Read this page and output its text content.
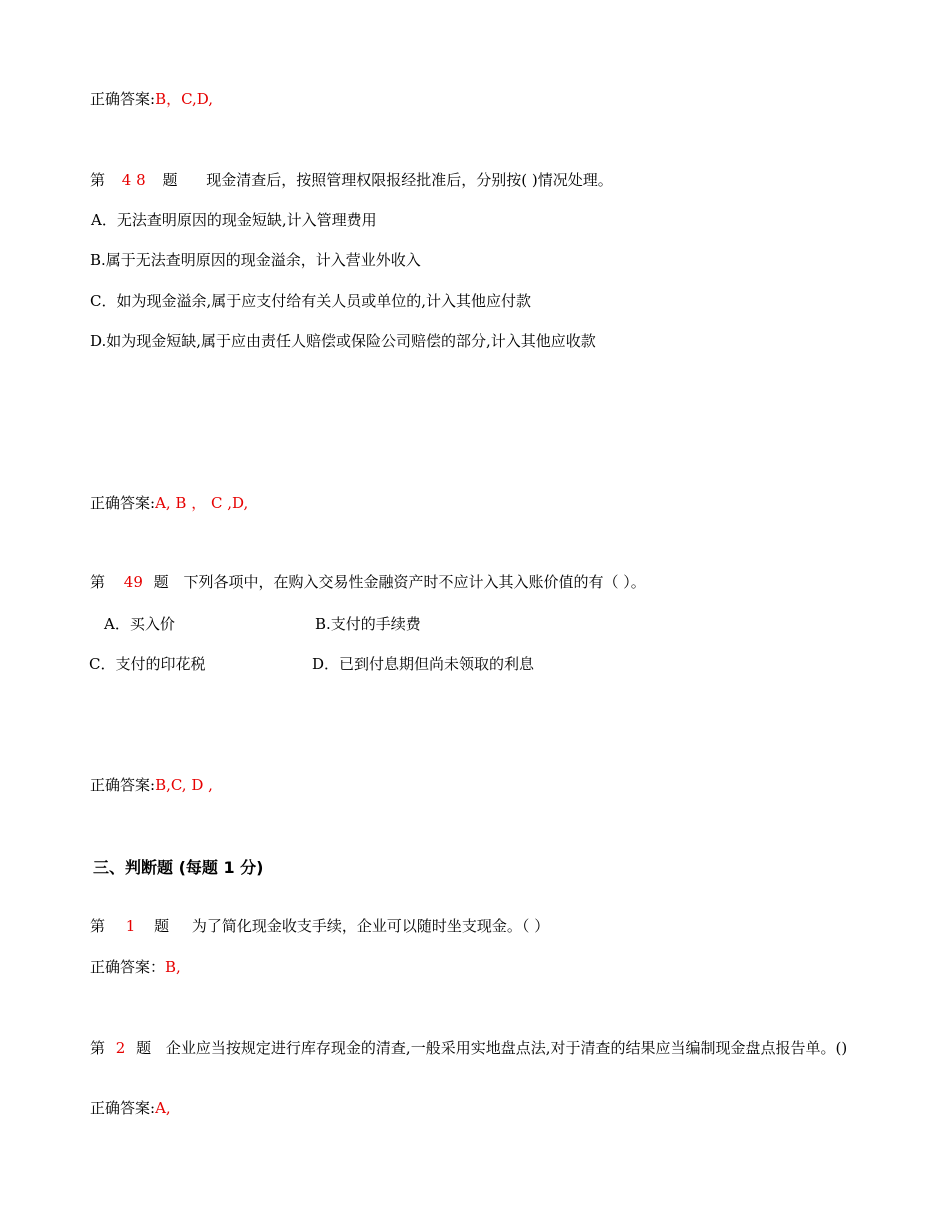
正确答案:B，C,D,
第 4 8 题 现金清查后，按照管理权限报经批准后，分别按( )情况处理。
A．无法查明原因的现金短缺,计入管理费用
B.属于无法查明原因的现金溢余，计入营业外收入
C．如为现金溢余,属于应支付给有关人员或单位的,计入其他应付款
D.如为现金短缺,属于应由责任人赔偿或保险公司赔偿的部分,计入其他应收款
正确答案:A, B ， C ,D,
第 49 题 下列各项中，在购入交易性金融资产时不应计入其入账价值的有（ ）。
A．买入价	B.支付的手续费
C．支付的印花税	D．已到付息期但尚未领取的利息
正确答案:B,C, D ,
三、判断题 (每题 1 分)
第 1 题 为了简化现金收支手续，企业可以随时坐支现金。（ ）
正确答案：B,
第 2 题 企业应当按规定进行库存现金的清查,一般采用实地盘点法,对于清查的结果应当编制现金盘点报告单。()
正确答案:A,
